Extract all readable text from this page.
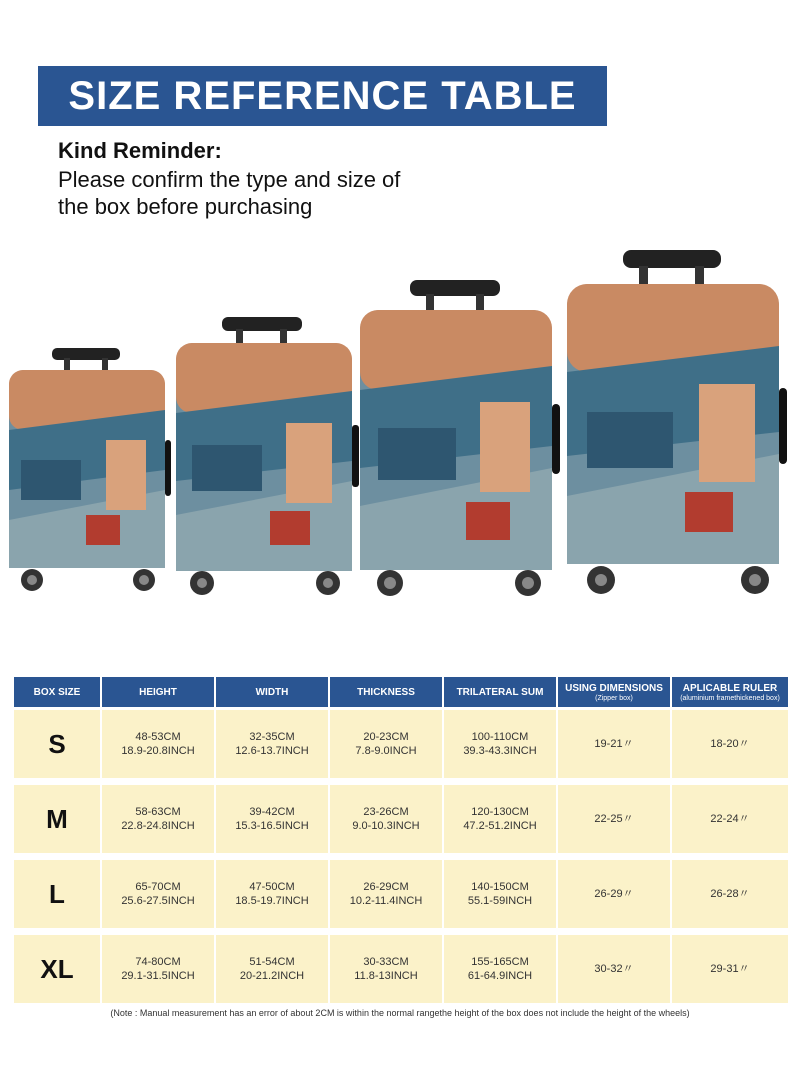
SIZE REFERENCE TABLE
Kind Reminder:
Please confirm the type and size of
the box before purchasing
BOX SIZE	HEIGHT	WIDTH	THICKNESS	TRILATERAL SUM	USING DIMENSIONS
(Zipper box)	APLICABLE RULER
(aluminium framethickened box)

S	48-53CM
18.9-20.8INCH	32-35CM
12.6-13.7INCH	20-23CM
7.8-9.0INCH	100-110CM
39.3-43.3INCH	19-21〃	18-20〃
M	58-63CM
22.8-24.8INCH	39-42CM
15.3-16.5INCH	23-26CM
9.0-10.3INCH	120-130CM
47.2-51.2INCH	22-25〃	22-24〃
L	65-70CM
25.6-27.5INCH	47-50CM
18.5-19.7INCH	26-29CM
10.2-11.4INCH	140-150CM
55.1-59INCH	26-29〃	26-28〃
XL	74-80CM
29.1-31.5INCH	51-54CM
20-21.2INCH	30-33CM
11.8-13INCH	155-165CM
61-64.9INCH	30-32〃	29-31〃
(Note : Manual measurement has an error of about 2CM is within the normal rangethe height of the box does not include the height of the wheels)
